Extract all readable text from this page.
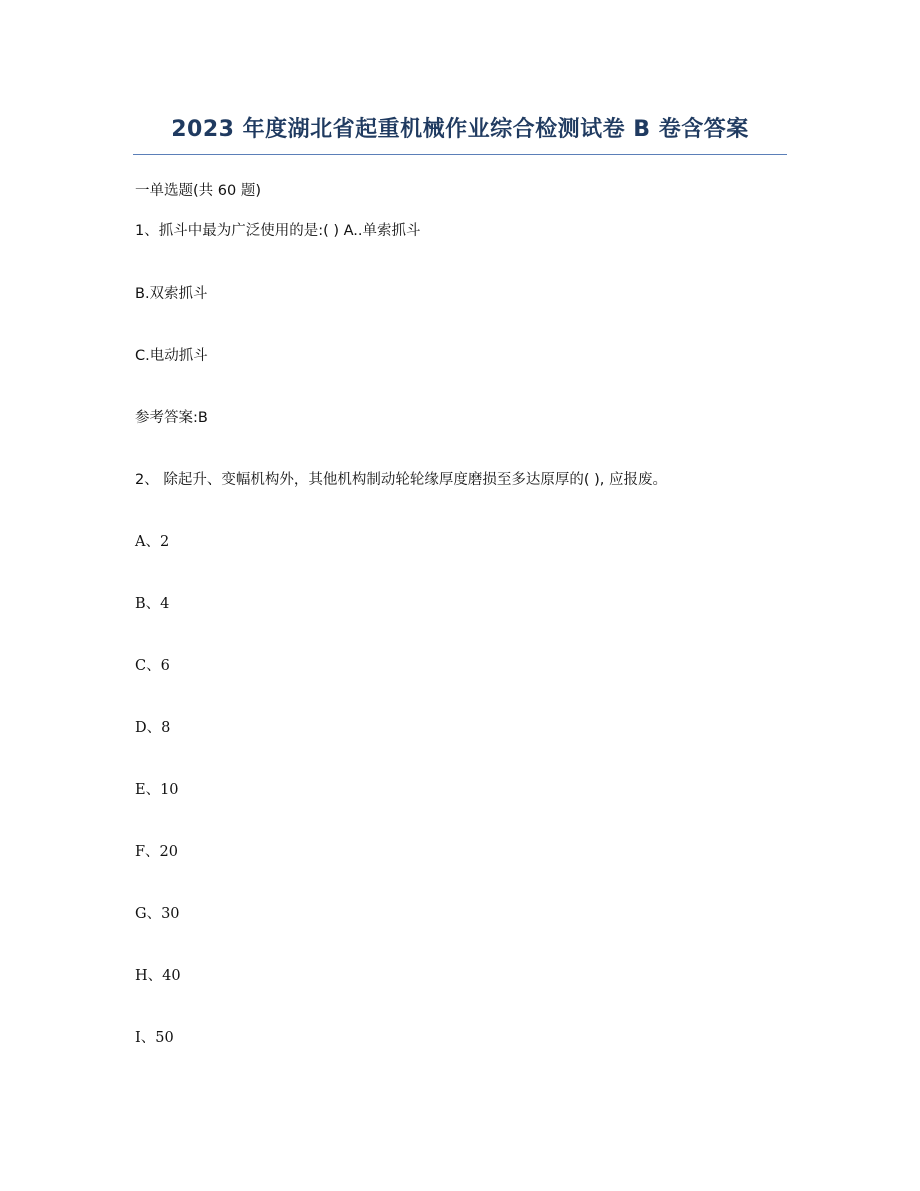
2023 年度湖北省起重机械作业综合检测试卷 B 卷含答案
一单选题(共 60 题)
1、抓斗中最为广泛使用的是:( ) A..单索抓斗
B.双索抓斗
C.电动抓斗
参考答案:B
2、 除起升、变幅机构外，其他机构制动轮轮缘厚度磨损至多达原厚的( ), 应报废。
A、2
B、4
C、6
D、8
E、10
F、20
G、30
H、40
I、50
